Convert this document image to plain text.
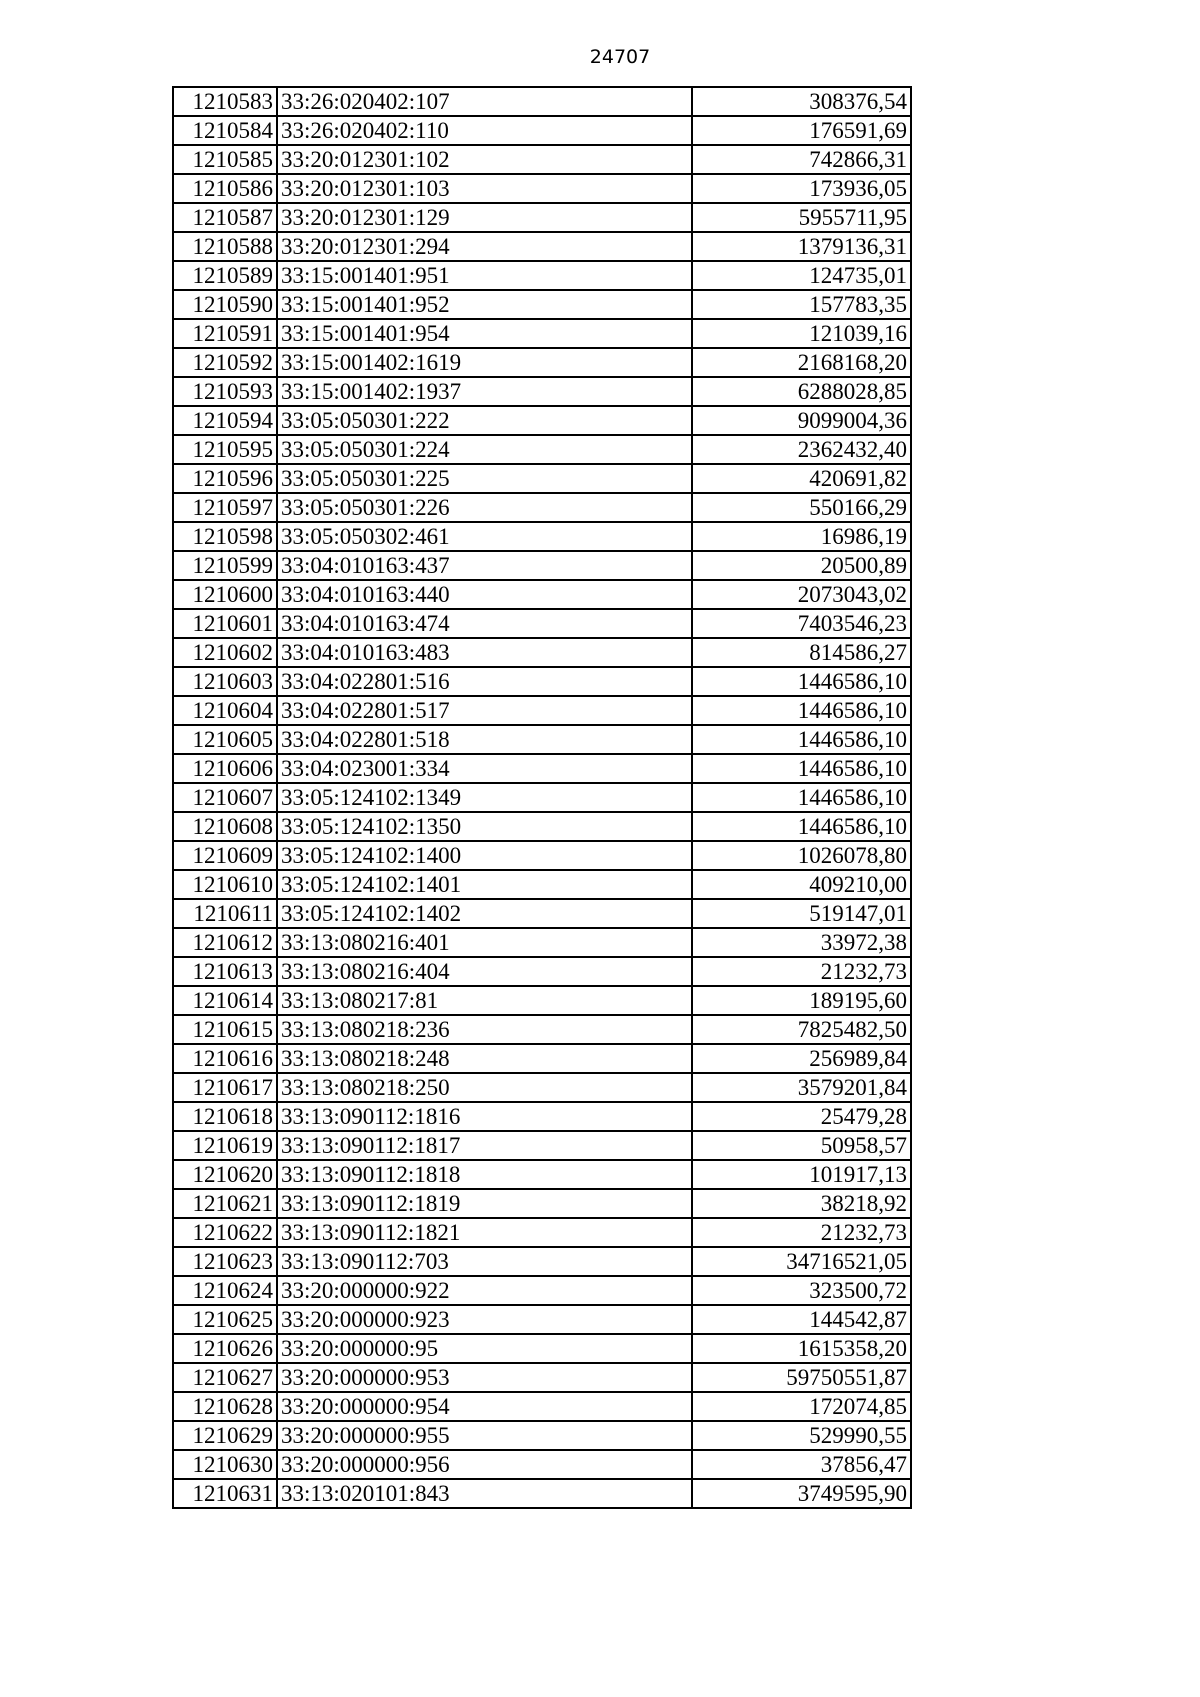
24707
1210583	33:26:020402:107	308376,54
1210584	33:26:020402:110	176591,69
1210585	33:20:012301:102	742866,31
1210586	33:20:012301:103	173936,05
1210587	33:20:012301:129	5955711,95
1210588	33:20:012301:294	1379136,31
1210589	33:15:001401:951	124735,01
1210590	33:15:001401:952	157783,35
1210591	33:15:001401:954	121039,16
1210592	33:15:001402:1619	2168168,20
1210593	33:15:001402:1937	6288028,85
1210594	33:05:050301:222	9099004,36
1210595	33:05:050301:224	2362432,40
1210596	33:05:050301:225	420691,82
1210597	33:05:050301:226	550166,29
1210598	33:05:050302:461	16986,19
1210599	33:04:010163:437	20500,89
1210600	33:04:010163:440	2073043,02
1210601	33:04:010163:474	7403546,23
1210602	33:04:010163:483	814586,27
1210603	33:04:022801:516	1446586,10
1210604	33:04:022801:517	1446586,10
1210605	33:04:022801:518	1446586,10
1210606	33:04:023001:334	1446586,10
1210607	33:05:124102:1349	1446586,10
1210608	33:05:124102:1350	1446586,10
1210609	33:05:124102:1400	1026078,80
1210610	33:05:124102:1401	409210,00
1210611	33:05:124102:1402	519147,01
1210612	33:13:080216:401	33972,38
1210613	33:13:080216:404	21232,73
1210614	33:13:080217:81	189195,60
1210615	33:13:080218:236	7825482,50
1210616	33:13:080218:248	256989,84
1210617	33:13:080218:250	3579201,84
1210618	33:13:090112:1816	25479,28
1210619	33:13:090112:1817	50958,57
1210620	33:13:090112:1818	101917,13
1210621	33:13:090112:1819	38218,92
1210622	33:13:090112:1821	21232,73
1210623	33:13:090112:703	34716521,05
1210624	33:20:000000:922	323500,72
1210625	33:20:000000:923	144542,87
1210626	33:20:000000:95	1615358,20
1210627	33:20:000000:953	59750551,87
1210628	33:20:000000:954	172074,85
1210629	33:20:000000:955	529990,55
1210630	33:20:000000:956	37856,47
1210631	33:13:020101:843	3749595,90
